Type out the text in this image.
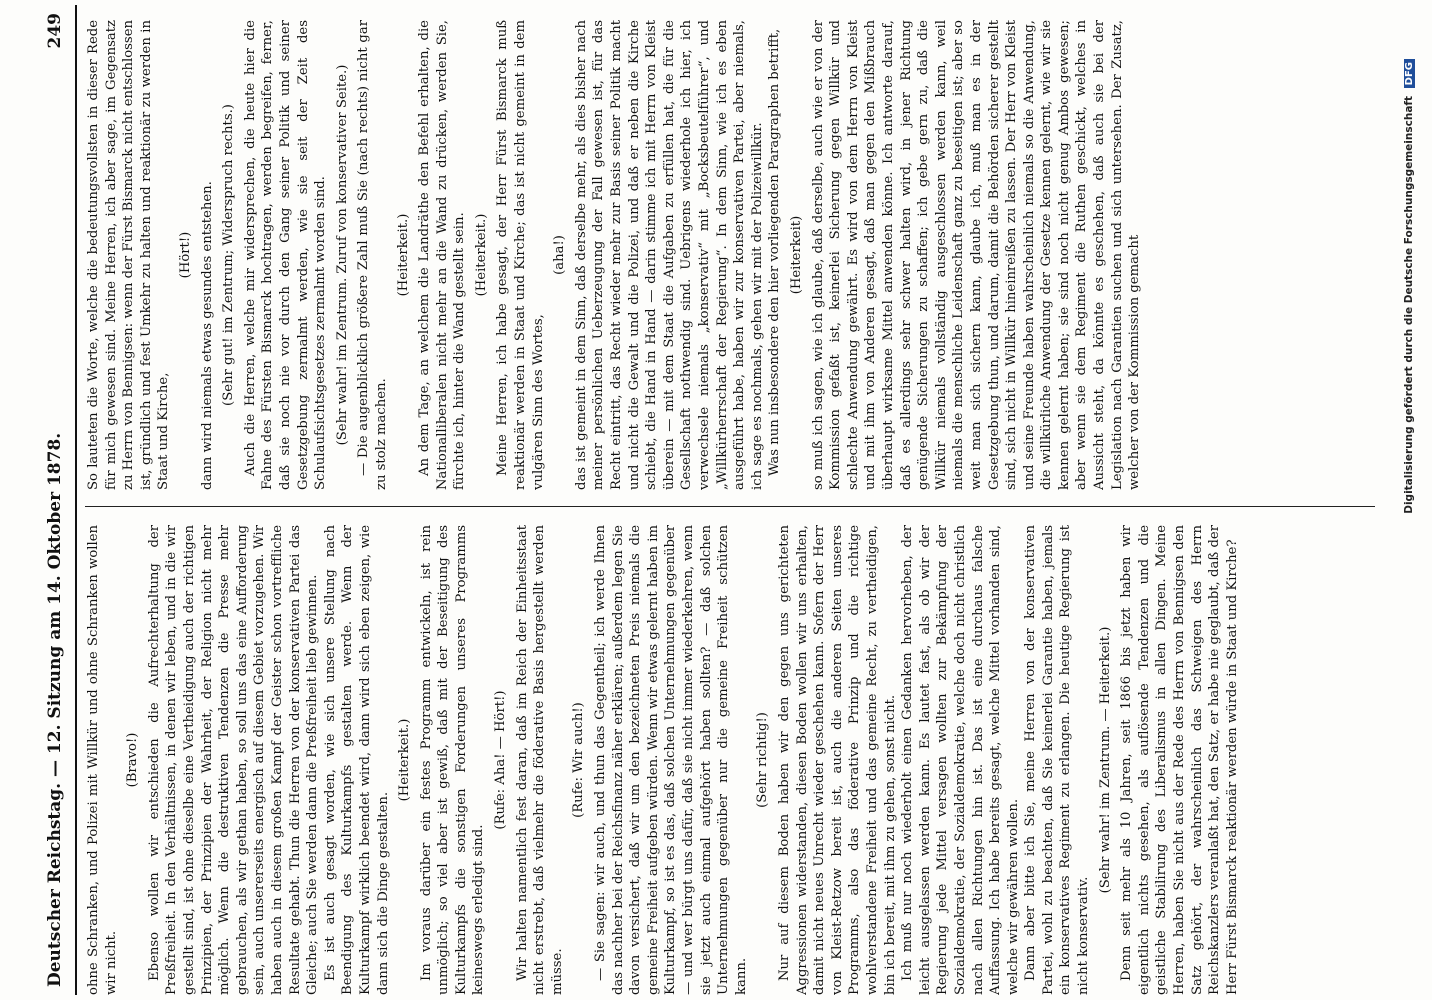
Deutscher Reichstag. — 12. Sitzung am 14. Oktober 1878.
249

ohne Schranken, und Polizei mit Willkür und ohne Schranken wollen wir nicht.

(Bravo!) Ebenso wollen wir entschieden die Aufrechterhaltung der Preßfreiheit. In den Verhältnissen, in denen wir leben, und in die wir gestellt sind, ist ohne dieselbe eine Vertheidigung auch der richtigen Prinzipien, der Prinzipien der Wahrheit, der Religion nicht mehr möglich. Wenn die destruktiven Tendenzen die Presse mehr gebrauchen, als wir gethan haben, so soll uns das eine Aufforderung sein, auch unsererseits energisch auf diesem Gebiet vorzugehen. Wir haben auch in diesem großen Kampf der Geister schon vortreffliche Resultate gehabt. Thun die Herren von der konservativen Partei das Gleiche; auch Sie werden dann die Preßfreiheit lieb gewinnen. Es ist auch gesagt worden, wie sich unsere Stellung nach Beendigung des Kulturkampfs gestalten werde. Wenn der Kulturkampf wirklich beendet wird, dann wird sich eben zeigen, wie dann sich die Dinge gestalten.

(Heiterkeit.) Im voraus darüber ein festes Programm entwickeln, ist rein unmöglich; so viel aber ist gewiß, daß mit der Beseitigung des Kulturkampfs die sonstigen Forderungen unseres Programms keineswegs erledigt sind.

(Rufe: Aha! — Hört!) Wir halten namentlich fest daran, daß im Reich der Einheitsstaat nicht erstrebt, daß vielmehr die föderative Basis hergestellt werden müsse.

(Rufe: Wir auch!) — Sie sagen: wir auch, und thun das Gegentheil; ich werde Ihnen das nachher bei der Reichsfinanz näher erklären; außerdem legen Sie davon versichert, daß wir um den bezeichneten Preis niemals die gemeine Freiheit aufgeben würden. Wenn wir etwas gelernt haben im Kulturkampf, so ist es das, daß solchen Unternehmungen gegenüber — und wer bürgt uns dafür, daß sie nicht immer wiederkehren, wenn sie jetzt auch einmal aufgehört haben sollten? — daß solchen Unternehmungen gegenüber nur die gemeine Freiheit schützen kann.

(Sehr richtig!) Nur auf diesem Boden haben wir den gegen uns gerichteten Aggressionen widerstanden, diesen Boden wollen wir uns erhalten, damit nicht neues Unrecht wieder geschehen kann. Sofern der Herr von Kleist-Retzow bereit ist, auch die anderen Seiten unseres Programms, also das föderative Prinzip und die richtige wohlverstandene Freiheit und das gemeine Recht, zu vertheidigen, bin ich bereit, mit ihm zu gehen, sonst nicht. Ich muß nur noch wiederholt einen Gedanken hervorheben, der leicht ausgelassen werden kann. Es lautet fast, als ob wir der Regierung jede Mittel versagen wollten zur Bekämpfung der Sozialdemokratie, der Sozialdemokratie, welche doch nicht christlich nach allen Richtungen hin ist. Das ist eine durchaus falsche Auffassung. Ich habe bereits gesagt, welche Mittel vorhanden sind, welche wir gewähren wollen. Dann aber bitte ich Sie, meine Herren von der konservativen Partei, wohl zu beachten, daß Sie keinerlei Garantie haben, jemals ein konservatives Regiment zu erlangen. Die heutige Regierung ist nicht konservativ.

(Sehr wahr! im Zentrum. — Heiterkeit.) Denn seit mehr als 10 Jahren, seit 1866 bis jetzt haben wir eigentlich nichts gesehen, als auflösende Tendenzen und die geistliche Stabilirung des Liberalismus in allen Dingen. Meine Herren, haben Sie nicht aus der Rede des Herrn von Bennigsen den Satz gehört, der wahrscheinlich das Schweigen des Herrn Reichskanzlers veranlaßt hat, den Satz, er habe nie geglaubt, daß der Herr Fürst Bismarck reaktionär werden würde in Staat und Kirche?

So lauteten die Worte, welche die bedeutungsvollsten in dieser Rede für mich gewesen sind. Meine Herren, ich aber sage, im Gegensatz zu Herrn von Bennigsen: wenn der Fürst Bismarck nicht entschlossen ist, gründlich und fest Umkehr zu halten und reaktionär zu werden in Staat und Kirche,

(Hört!) dann wird niemals etwas gesundes entstehen. (Sehr gut! im Zentrum; Widerspruch rechts.) Auch die Herren, welche mir widersprechen, die heute hier die Fahne des Fürsten Bismarck hochtragen, werden begreifen, ferner, daß sie noch nie vor durch den Gang seiner Politik und seiner Gesetzgebung zermalmt werden, wie sie seit der Zeit des Schulaufsichtsgesetzes zermalmt worden sind. (Sehr wahr! im Zentrum. Zuruf von konservativer Seite.) — Die augenblicklich größere Zahl muß Sie (nach rechts) nicht gar zu stolz machen.

(Heiterkeit.) An dem Tage, an welchem die Landräthe den Befehl erhalten, die Nationalliberalen nicht mehr an die Wand zu drücken, werden Sie, fürchte ich, hinter die Wand gestellt sein. (Heiterkeit.) Meine Herren, ich habe gesagt, der Herr Fürst Bismarck muß reaktionär werden in Staat und Kirche; das ist nicht gemeint in dem vulgären Sinn des Wortes,

(aha!) das ist gemeint in dem Sinn, daß derselbe mehr, als dies bisher nach meiner persönlichen Ueberzeugung der Fall gewesen ist, für das Recht eintritt, das Recht wieder mehr zur Basis seiner Politik macht und nicht die Gewalt und die Polizei, und daß er neben die Kirche schiebt, die Hand in Hand — darin stimme ich mit Herrn von Kleist überein — mit dem Staat die Aufgaben zu erfüllen hat, die für die Gesellschaft nothwendig sind. Uebrigens wiederhole ich hier, ich verwechsele niemals „konservativ“ mit „Bocksbeutelführer“, und „Willkürherrschaft der Regierung“. In dem Sinn, wie ich es eben ausgeführt habe, haben wir zur konservativen Partei, aber niemals, ich sage es nochmals, gehen wir mit der Polizeiwillkür. Was nun insbesondere den hier vorliegenden Paragraphen betrifft, (Heiterkeit) so muß ich sagen, wie ich glaube, daß derselbe, auch wie er von der Kommission gefaßt ist, keinerlei Sicherung gegen Willkür und schlechte Anwendung gewährt. Es wird von dem Herrn von Kleist und mit ihm von Anderen gesagt, daß man gegen den Mißbrauch überhaupt wirksame Mittel anwenden könne. Ich antworte darauf, daß es allerdings sehr schwer halten wird, in jener Richtung genügende Sicherungen zu schaffen; ich gebe gern zu, daß die Willkür niemals vollständig ausgeschlossen werden kann, weil niemals die menschliche Leidenschaft ganz zu beseitigen ist; aber so weit man sich sichern kann, glaube ich, muß man es in der Gesetzgebung thun, und darum, damit die Behörden sicherer gestellt sind, sich nicht in Willkür hineinreißen zu lassen. Der Herr von Kleist und seine Freunde haben wahrscheinlich niemals so die Anwendung, die willkürliche Anwendung der Gesetze kennen gelernt, wie wir sie kennen gelernt haben; sie sind noch nicht genug Ambos gewesen; aber wenn sie dem Regiment die Ruthen geschickt, welches in Aussicht steht, da könnte es geschehen, daß auch sie bei der Legislation nach Garantien suchen und sich untersehen. Der Zusatz, welcher von der Kommission gemacht	Digitalisierung gefördert durch die Deutsche Forschungsgemeinschaft DFG
